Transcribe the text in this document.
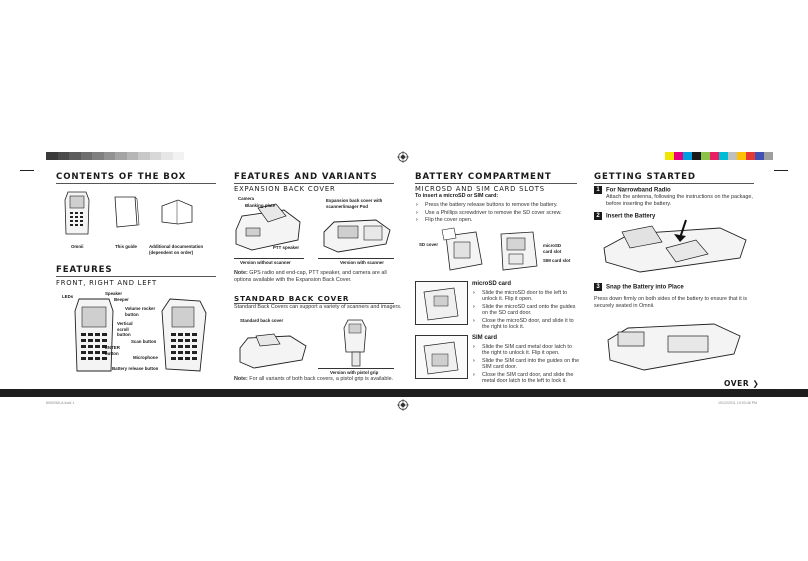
CONTENTS OF THE BOX
Omnii	This guide	Additional documentation
(dependent on order)
FEATURES
FRONT, RIGHT AND LEFT
LEDs
Speaker
Beeper
Volume rocker
button
Vertical
scroll
button
ENTER
button
Scan button
Microphone
Battery release button
FEATURES AND VARIANTS
EXPANSION BACK COVER
Camera
Blanking plate
PTT speaker
Expansion back cover with
scanner/imager Pod
Version without scanner	Version with scanner
Note: GPS radio and end-cap, PTT speaker, and camera are all options available with the Expansion Back Cover.
STANDARD BACK COVER
Standard Back Covers can support a variety of scanners and imagers.
Standard back cover
Version with pistol grip
Note: For all variants of both back covers, a pistol grip is available.
BATTERY COMPARTMENT
MICROSD AND SIM CARD SLOTS
To insert a microSD or SIM card:
› Press the battery release buttons to remove the battery.
› Use a Phillips screwdriver to remove the SD cover screw.
› Flip the cover open.
SD cover	microSD
card slot
SIM card slot
microSD card
› Slide the microSD door to the left to unlock it. Flip it open.
› Slide the microSD card onto the guides on the SD card door.
› Close the microSD door, and slide it to the right to lock it.
SIM card
› Slide the SIM card metal door latch to the right to unlock it. Flip it open.
› Slide the SIM card into the guides on the SIM card door.
› Close the SIM card door, and slide the metal door latch to the left to lock it.
GETTING STARTED
1 For Narrowband Radio
Attach the antenna, following the instructions on the package, before inserting the battery.
2 Insert the Battery
3 Snap the Battery into Place
Press down firmly on both sides of the battery to ensure that it is securely seated in Omnii.
OVER ❯
8000260-A.indd 1	10/12/2011 10:03:46 PM
